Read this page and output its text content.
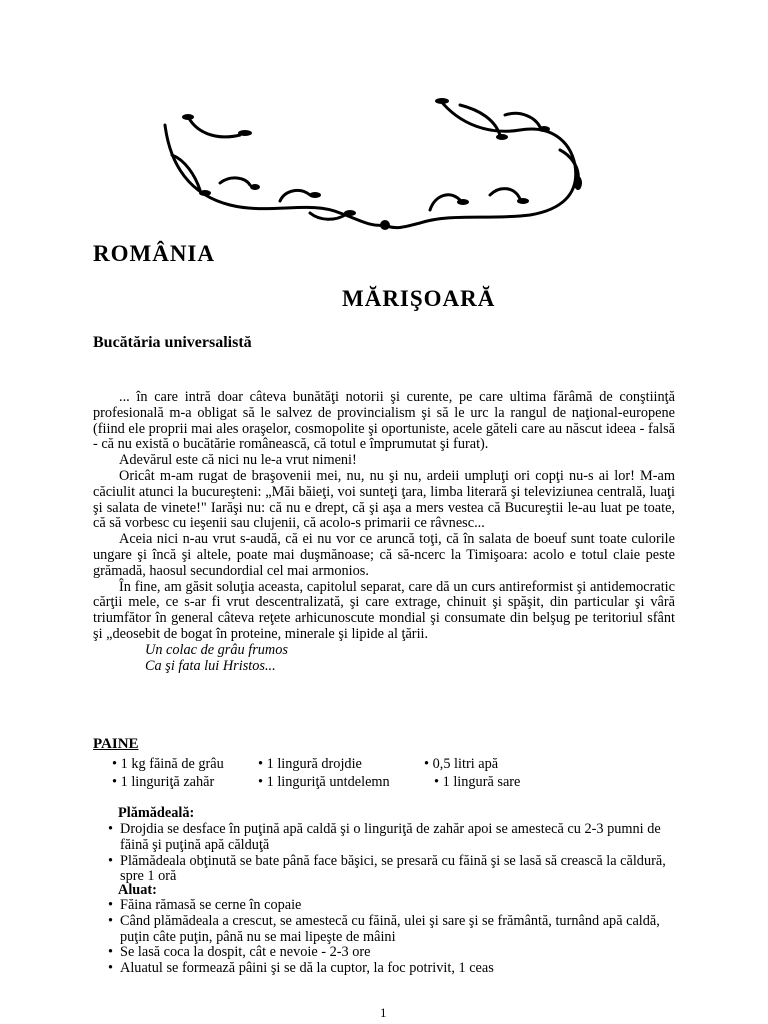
ROMÂNIA
MĂRIŞOARĂ
Bucătăria universalistă

... în care intră doar câteva bunătăţi notorii şi curente, pe care ultima fărâmă de conştiinţă profesională m-a obligat să le salvez de provincialism şi să le urc la rangul de naţional-europene (fiind ele proprii mai ales oraşelor, cosmopolite şi oportuniste, acele găteli care au născut ideea - falsă - că nu există o bucătărie românească, că totul e împrumutat şi furat).

Adevărul este că nici nu le-a vrut nimeni!

Oricât m-am rugat de braşovenii mei, nu, nu şi nu, ardeii umpluţi ori copţi nu-s ai lor! M-am căciulit atunci la bucureşteni: „Măi băieţi, voi sunteţi ţara, limba literară şi televiziunea centrală, luaţi şi salata de vinete!" Iarăşi nu: că nu e drept, că şi aşa a mers vestea că Bucureştii le-au luat pe toate, că să vorbesc cu ieşenii sau clujenii, că acolo-s primarii ce râvnesc...

Aceia nici n-au vrut s-audă, că ei nu vor ce aruncă toţi, că în salata de boeuf sunt toate culorile ungare şi încă şi altele, poate mai duşmănoase; că să-ncerc la Timişoara: acolo e totul claie peste grămadă, haosul secundordial cel mai armonios.

În fine, am găsit soluţia aceasta, capitolul separat, care dă un curs antireformist şi antidemocratic cărţii mele, ce s-ar fi vrut descentralizată, şi care extrage, chinuit şi spăşit, din particular şi vâră triumfător în general câteva reţete arhicunoscute mondial şi consumate din belşug pe teritoriul sfânt şi „deosebit de bogat în proteine, minerale şi lipide al ţării.

Un colac de grâu frumos

Ca şi fata lui Hristos...

PAINE
• 1 kg făină de grâu • 1 lingură drojdie	• 0,5 litri apă
• 1 linguriţă zahăr	• 1 linguriţă untdelemn	• 1 lingură sare
Plămădeală:
• Drojdia se desface în puţină apă caldă şi o linguriţă de zahăr apoi se amestecă cu 2-3 pumni de făină şi puţină apă călduţă
• Plămădeala obţinută se bate până face băşici, se presară cu făină şi se lasă să crească la căldură, spre 1 oră
Aluat:
• Făina rămasă se cerne în copaie
• Când plămădeala a crescut, se amestecă cu făină, ulei şi sare şi se frământă, turnând apă caldă, puţin câte puţin, până nu se mai lipeşte de mâini
• Se lasă coca la dospit, cât e nevoie - 2-3 ore
• Aluatul se formează pâini şi se dă la cuptor, la foc potrivit, 1 ceas
1
